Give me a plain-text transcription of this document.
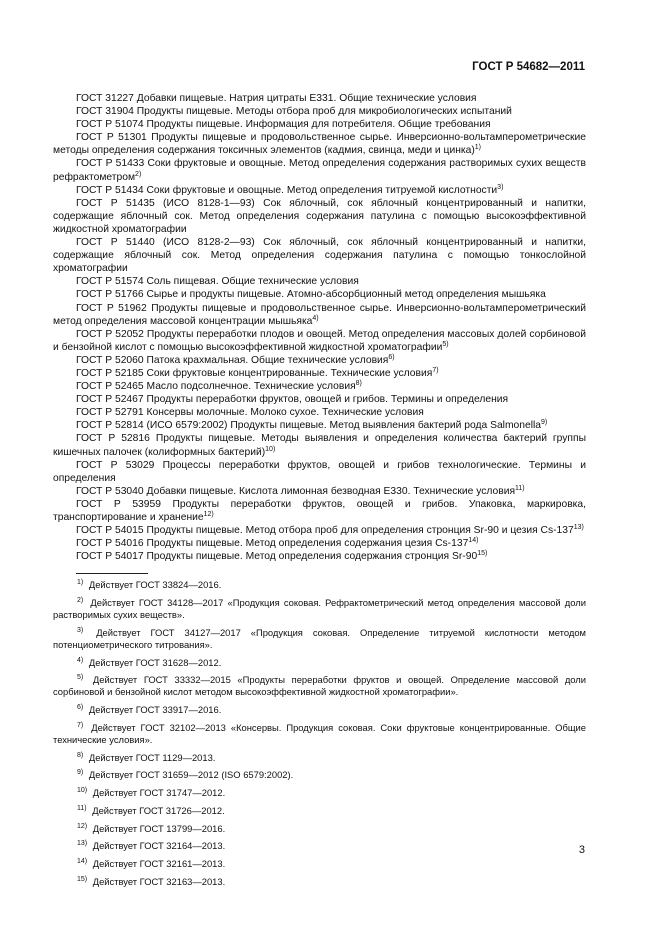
ГОСТ Р 54682—2011

ГОСТ 31227 Добавки пищевые. Натрия цитраты Е331. Общие технические условия

ГОСТ 31904 Продукты пищевые. Методы отбора проб для микробиологических испытаний

ГОСТ Р 51074 Продукты пищевые. Информация для потребителя. Общие требования

ГОСТ Р 51301 Продукты пищевые и продовольственное сырье. Инверсионно-вольтамперометрические методы определения содержания токсичных элементов (кадмия, свинца, меди и цинка)$^{1)}$

ГОСТ Р 51433 Соки фруктовые и овощные. Метод определения содержания растворимых сухих веществ рефрактометром$^{2)}$

ГОСТ Р 51434 Соки фруктовые и овощные. Метод определения титруемой кислотности$^{3)}$

ГОСТ Р 51435 (ИСО 8128-1—93) Сок яблочный, сок яблочный концентрированный и напитки, содержащие яблочный сок. Метод определения содержания патулина с помощью высокоэффективной жидкостной хроматографии

ГОСТ Р 51440 (ИСО 8128-2—93) Сок яблочный, сок яблочный концентрированный и напитки, содержащие яблочный сок. Метод определения содержания патулина с помощью тонкослойной хроматографии

ГОСТ Р 51574 Соль пищевая. Общие технические условия

ГОСТ Р 51766 Сырье и продукты пищевые. Атомно-абсорбционный метод определения мышьяка

ГОСТ Р 51962 Продукты пищевые и продовольственное сырье. Инверсионно-вольтамперометрический метод определения массовой концентрации мышьяка$^{4)}$

ГОСТ Р 52052 Продукты переработки плодов и овощей. Метод определения массовых долей сорбиновой и бензойной кислот с помощью высокоэффективной жидкостной хроматографии$^{5)}$

ГОСТ Р 52060 Патока крахмальная. Общие технические условия$^{6)}$

ГОСТ Р 52185 Соки фруктовые концентрированные. Технические условия$^{7)}$

ГОСТ Р 52465 Масло подсолнечное. Технические условия$^{8)}$

ГОСТ Р 52467 Продукты переработки фруктов, овощей и грибов. Термины и определения

ГОСТ Р 52791 Консервы молочные. Молоко сухое. Технические условия

ГОСТ Р 52814 (ИСО 6579:2002) Продукты пищевые. Метод выявления бактерий рода Salmonella$^{9)}$

ГОСТ Р 52816 Продукты пищевые. Методы выявления и определения количества бактерий группы кишечных палочек (колиформных бактерий)$^{10)}$

ГОСТ Р 53029 Процессы переработки фруктов, овощей и грибов технологические. Термины и определения

ГОСТ Р 53040 Добавки пищевые. Кислота лимонная безводная Е330. Технические условия$^{11)}$

ГОСТ Р 53959 Продукты переработки фруктов, овощей и грибов. Упаковка, маркировка, транспортирование и хранение$^{12)}$

ГОСТ Р 54015 Продукты пищевые. Метод отбора проб для определения стронция Sr-90 и цезия Cs-137$^{13)}$

ГОСТ Р 54016 Продукты пищевые. Метод определения содержания цезия Cs-137$^{14)}$

ГОСТ Р 54017 Продукты пищевые. Метод определения содержания стронция Sr-90$^{15)}$

$^{1)}$ Действует ГОСТ 33824—2016.

$^{2)}$ Действует ГОСТ 34128—2017 «Продукция соковая. Рефрактометрический метод определения массовой доли растворимых сухих веществ».

$^{3)}$ Действует ГОСТ 34127—2017 «Продукция соковая. Определение титруемой кислотности методом потенциометрического титрования».

$^{4)}$ Действует ГОСТ 31628—2012.

$^{5)}$ Действует ГОСТ 33332—2015 «Продукты переработки фруктов и овощей. Определение массовой доли сорбиновой и бензойной кислот методом высокоэффективной жидкостной хроматографии».

$^{6)}$ Действует ГОСТ 33917—2016.

$^{7)}$ Действует ГОСТ 32102—2013 «Консервы. Продукция соковая. Соки фруктовые концентрированные. Общие технические условия».

$^{8)}$ Действует ГОСТ 1129—2013.

$^{9)}$ Действует ГОСТ 31659—2012 (ISO 6579:2002).

$^{10)}$ Действует ГОСТ 31747—2012.

$^{11)}$ Действует ГОСТ 31726—2012.

$^{12)}$ Действует ГОСТ 13799—2016.

$^{13)}$ Действует ГОСТ 32164—2013.

$^{14)}$ Действует ГОСТ 32161—2013.

$^{15)}$ Действует ГОСТ 32163—2013.

3
